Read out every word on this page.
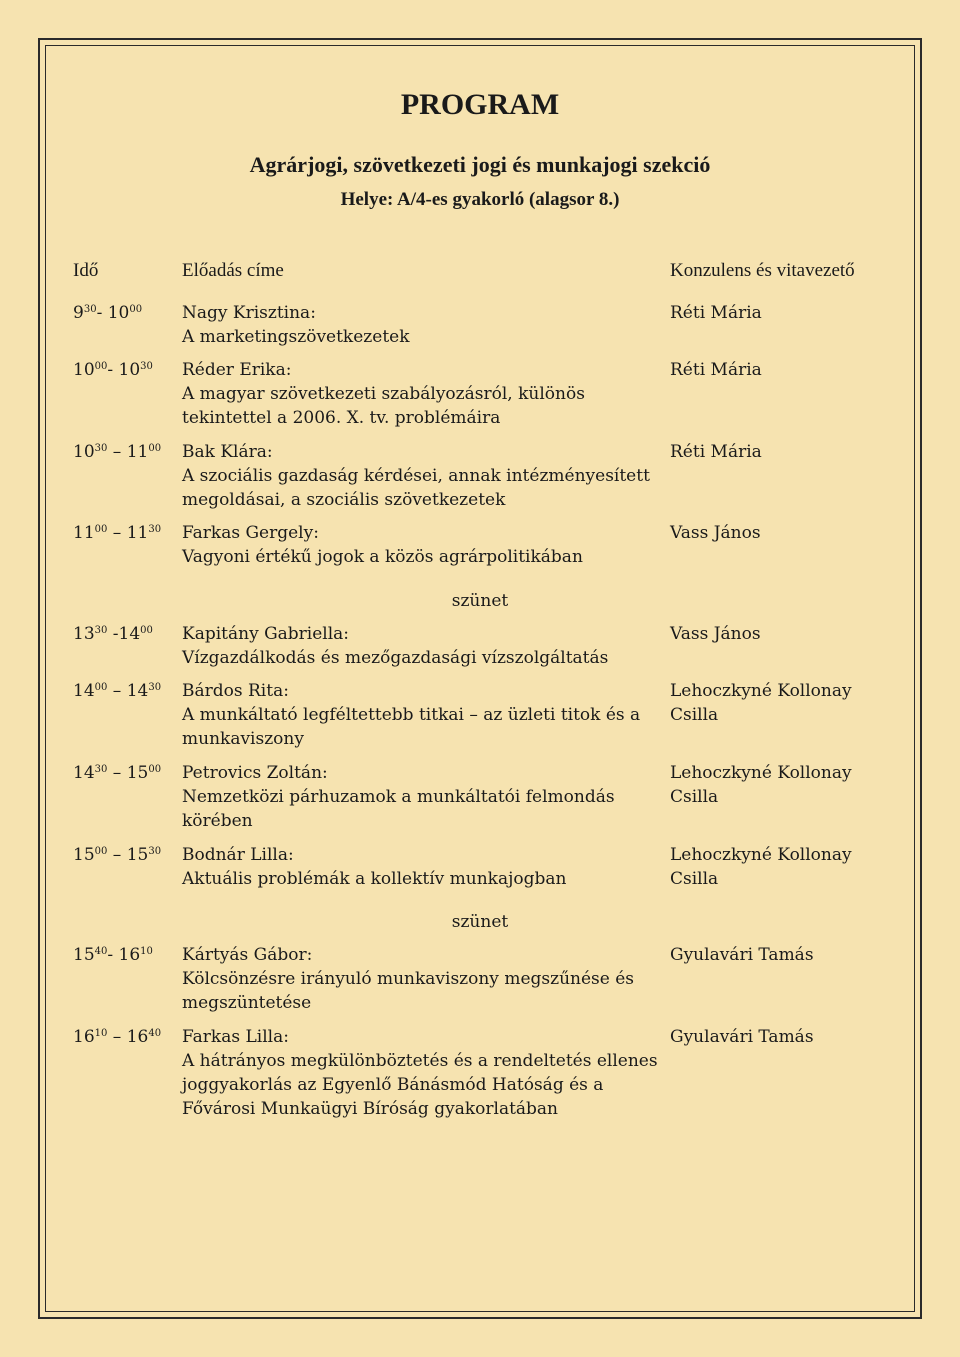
PROGRAM
Agrárjogi, szövetkezeti jogi és munkajogi szekció
Helye: A/4-es gyakorló (alagsor 8.)
Idő	Előadás címe	Konzulens és vitavezető
$9^{30}-$ $10^{00}$ Nagy Krisztina:
A marketingszövetkezetek
Réti Mária
$10^{00}-$ $10^{30}$ Réder Erika:
A magyar szövetkezeti szabályozásról, különös tekintettel a 2006. X. tv. problémáira
Réti Mária
$10^{30} - 11^{00}$ Bak Klára:
A szociális gazdaság kérdései, annak intézményesített megoldásai, a szociális szövetkezetek
Réti Mária
$11^{00} - 11^{30}$ Farkas Gergely:
Vagyoni értékű jogok a közös agrárpolitikában
Vass János
szünet
$13^{30}$ $-14^{00}$ Kapitány Gabriella:
Vízgazdálkodás és mezőgazdasági vízszolgáltatás
Vass János
$14^{00} - 14^{30}$ Bárdos Rita:
A munkáltató legféltettebb titkai – az üzleti titok és a munkaviszony
Lehoczkyné Kollonay Csilla
$14^{30} - 15^{00}$ Petrovics Zoltán:
Nemzetközi párhuzamok a munkáltatói felmondás körében
Lehoczkyné Kollonay Csilla
$15^{00} - 15^{30}$ Bodnár Lilla:
Aktuális problémák a kollektív munkajogban
Lehoczkyné Kollonay Csilla
szünet
$15^{40}-$ $16^{10}$ Kártyás Gábor:
Kölcsönzésre irányuló munkaviszony megszűnése és megszüntetése
Gyulavári Tamás
$16^{10} - 16^{40}$ Farkas Lilla:
A hátrányos megkülönböztetés és a rendeltetés ellenes joggyakorlás az Egyenlő Bánásmód Hatóság és a Fővárosi Munkaügyi Bíróság gyakorlatában
Gyulavári Tamás
